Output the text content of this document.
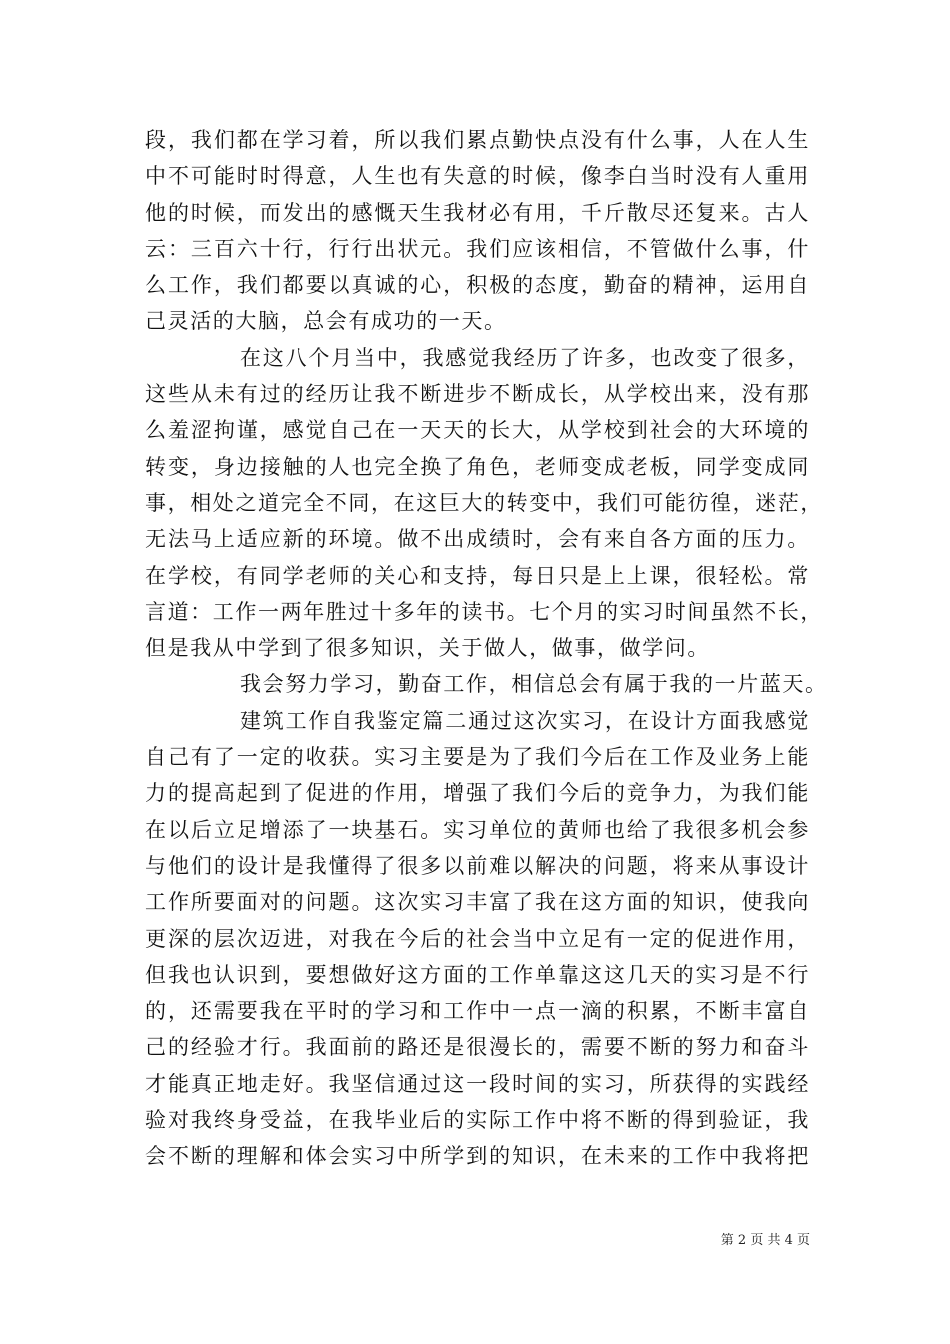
段，我们都在学习着，所以我们累点勤快点没有什么事，人在人生
中不可能时时得意，人生也有失意的时候，像李白当时没有人重用
他的时候，而发出的感慨天生我材必有用，千斤散尽还复来。古人
云：三百六十行，行行出状元。我们应该相信，不管做什么事，什
么工作，我们都要以真诚的心，积极的态度，勤奋的精神，运用自
己灵活的大脑，总会有成功的一天。
在这八个月当中，我感觉我经历了许多，也改变了很多，
这些从未有过的经历让我不断进步不断成长，从学校出来，没有那
么羞涩拘谨，感觉自己在一天天的长大，从学校到社会的大环境的
转变，身边接触的人也完全换了角色，老师变成老板，同学变成同
事，相处之道完全不同，在这巨大的转变中，我们可能彷徨，迷茫，
无法马上适应新的环境。做不出成绩时，会有来自各方面的压力。
在学校，有同学老师的关心和支持，每日只是上上课，很轻松。常
言道：工作一两年胜过十多年的读书。七个月的实习时间虽然不长，
但是我从中学到了很多知识，关于做人，做事，做学问。
我会努力学习，勤奋工作，相信总会有属于我的一片蓝天。
建筑工作自我鉴定篇二通过这次实习，在设计方面我感觉
自己有了一定的收获。实习主要是为了我们今后在工作及业务上能
力的提高起到了促进的作用，增强了我们今后的竞争力，为我们能
在以后立足增添了一块基石。实习单位的黄师也给了我很多机会参
与他们的设计是我懂得了很多以前难以解决的问题，将来从事设计
工作所要面对的问题。这次实习丰富了我在这方面的知识，使我向
更深的层次迈进，对我在今后的社会当中立足有一定的促进作用，
但我也认识到，要想做好这方面的工作单靠这这几天的实习是不行
的，还需要我在平时的学习和工作中一点一滴的积累，不断丰富自
己的经验才行。我面前的路还是很漫长的，需要不断的努力和奋斗
才能真正地走好。我坚信通过这一段时间的实习，所获得的实践经
验对我终身受益，在我毕业后的实际工作中将不断的得到验证，我
会不断的理解和体会实习中所学到的知识，在未来的工作中我将把
第 2 页 共 4 页
